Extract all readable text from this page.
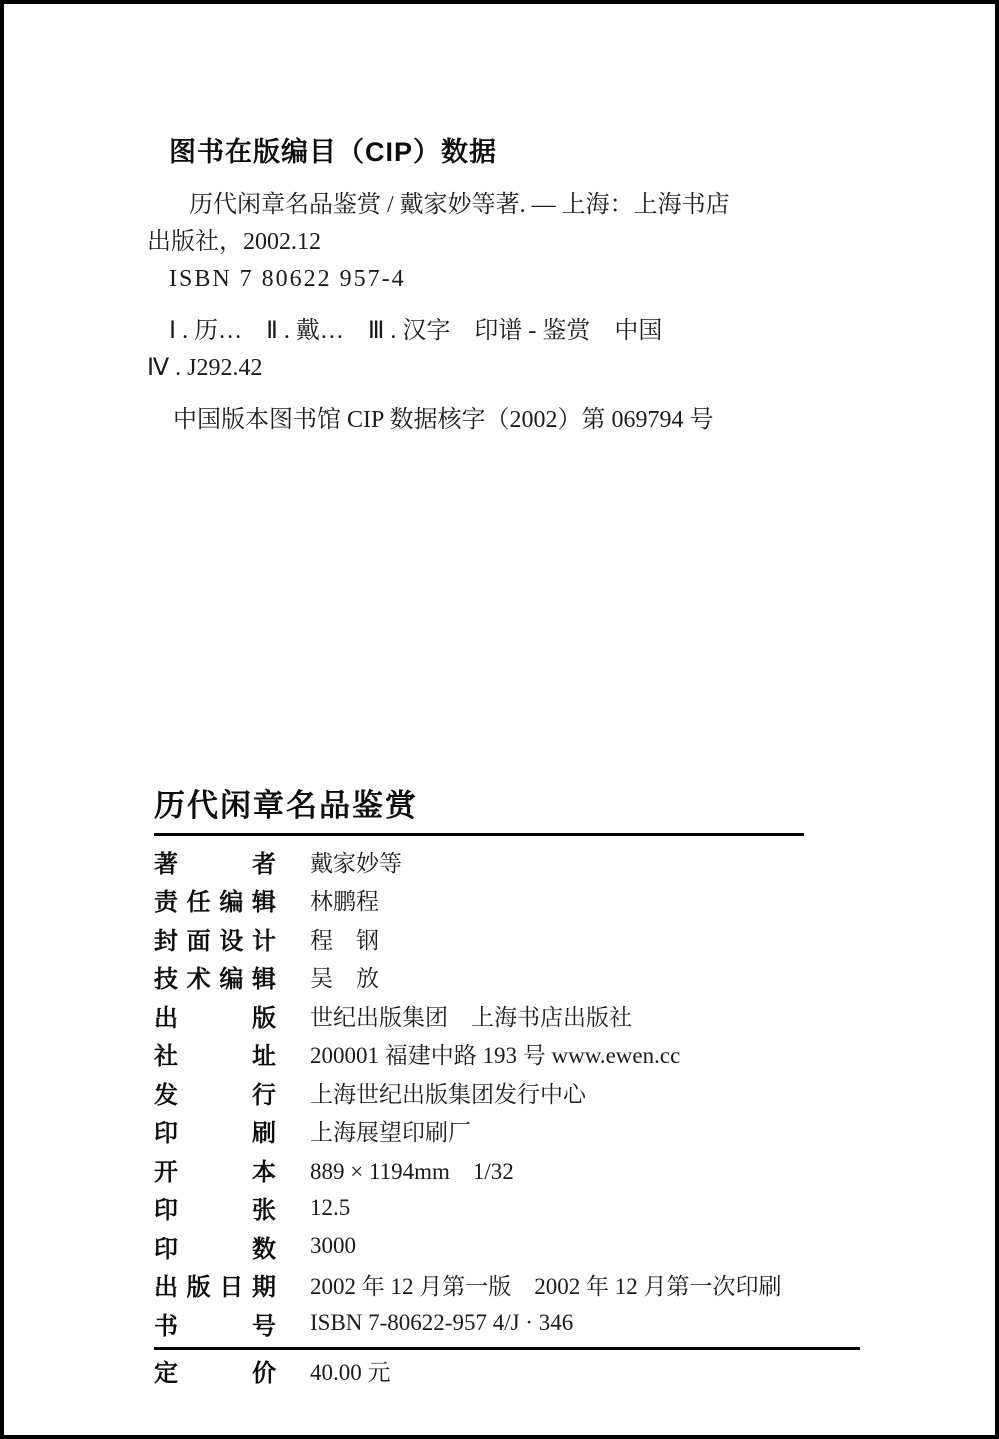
图书在版编目（CIP）数据

历代闲章名品鉴赏 / 戴家妙等著. — 上海：上海书店

出版社，2002.12

ISBN 7 80622 957-4

Ⅰ . 历…　Ⅱ . 戴…　Ⅲ . 汉字　印谱 - 鉴赏　中国

Ⅳ . J292.42

中国版本图书馆 CIP 数据核字（2002）第 069794 号

历代闲章名品鉴赏
著者 戴家妙等
责任编辑 林鹏程
封面设计 程　钢
技术编辑 吴　放
出版 世纪出版集团　上海书店出版社
社址 200001 福建中路 193 号 www.ewen.cc
发行 上海世纪出版集团发行中心
印刷 上海展望印刷厂
开本 889 × 1194mm　1/32
印张 12.5
印数 3000
出版日期 2002 年 12 月第一版　2002 年 12 月第一次印刷
书号 ISBN 7-80622-957 4/J · 346
定价 40.00 元
